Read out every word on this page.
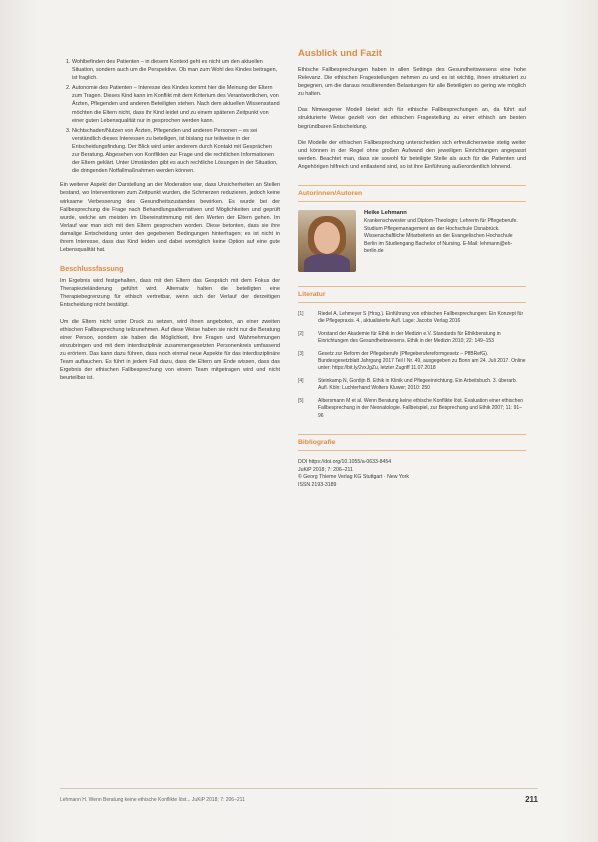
1. Wohlbefinden des Patienten – in diesem Kontext geht es nicht um den aktuellen Situation, sondern auch um die Perspektive. Ob man zum Wohl des Kindes beitragen, ist fraglich.
2. Autonomie des Patienten – Interesse des Kindes kommt hier die Meinung der Eltern zum Tragen. Dieses Kind kann im Konflikt mit dem Kriterium des Verantwortlichen, von Ärzten, Pflegenden und anderen Beteiligten stehen. Nach dem aktuellen Wissensstand möchten die Eltern nicht, dass ihr Kind leidet und zu einem späteren Zeitpunkt von einer guten Lebensqualität nur in gesprochen werden kann.
3. Nichtschaden/Nutzen von Ärzten, Pflegenden und anderen Personen – es sei verständlich dieses Interessen zu beteiligen, ist bislang nur teilweise in der Entscheidungsfindung. Der Blick wird unter anderem durch Kontakt mit Gesprächen zur Beratung. Abgesehen von Konflikten zur Frage und die rechtlichen Informationen der Eltern geklärt. Unter Umständen gibt es auch rechtliche Lösungen in der Situation, die dringenden Notfallmaßnahmen werden können.

Ein weiterer Aspekt der Darstellung an der Moderation war, dass Unsicherheiten an Stellen bestand, wo Interventionen zum Zeitpunkt wurden, die Schmerzen reduzieren, jedoch keine wirksame Verbesserung des Gesundheitszustandes bewirken. Es wurde bei der Fallbesprechung die Frage nach Behandlungsalternativen und Möglichkeiten und geprüft wurde, welche am meisten im Übereinstimmung mit den Werten der Eltern gehen. Im Verlauf war man sich mit den Eltern gesprochen worden. Diese betonten, dass sie ihre damalige Entscheidung unter den gegebenen Bedingungen hinterfragen; es ist nicht in ihrem Interesse, dass das Kind leiden und dabei womöglich keine Option auf eine gute Lebensqualität hat.

Beschlussfassung

Im Ergebnis wird festgehalten, dass mit den Eltern das Gespräch mit dem Fokus der Therapiezieländerung geführt wird. Alternativ halten die beteiligten eine Therapiebegrenzung für ethisch vertretbar, wenn sich der Verlauf der derzeitigen Entscheidung nicht bestätigt.

Um die Eltern nicht unter Druck zu setzen, wird ihnen angeboten, an einer zweiten ethischen Fallbesprechung teilzunehmen. Auf diese Weise haben sie nicht nur die Beratung einer Person, sondern sie haben die Möglichkeit, ihre Fragen und Wahrnehmungen einzubringen und mit dem interdisziplinär zusammengesetzten Personenkreis umfassend zu erörtern. Das kann dazu führen, dass noch einmal neue Aspekte für das interdisziplinäre Team auftauchen. Es führt in jedem Fall dazu, dass die Eltern am Ende wissen, dass das Ergebnis der ethischen Fallbesprechung von einem Team mitgetragen wird und nicht beurteilbar ist.

Ausblick und Fazit

Ethische Fallbesprechungen haben in allen Settings des Gesundheitswesens eine hohe Relevanz. Die ethischen Fragestellungen nehmen zu und es ist wichtig, ihnen strukturiert zu begegnen, um die daraus resultierenden Belastungen für alle Beteiligten so gering wie möglich zu halten.

Das Nimwegener Modell bietet sich für ethische Fallbesprechungen an, da führt auf strukturierte Weise gezielt von der ethischen Fragestellung zu einer ethisch am besten begründbaren Entscheidung.

Die Modelle der ethischen Fallbesprechung unterscheiden sich erfreulicherweise stetig weiter und können in der Regel ohne großen Aufwand den jeweiligen Einrichtungen angepasst werden. Beachtet man, dass sie sowohl für beteiligte Stelle als auch für die Patienten und Angehörigen hilfreich und entlastend sind, so ist ihre Einführung außerordentlich lohnend.

Autorinnen/Autoren

Heike Lehmann

Krankenschwester und Diplom-Theologin; Lehrerin für Pflegeberufe. Studium Pflegemanagement an der Hochschule Osnabrück. Wissenschaftliche Mitarbeiterin an der Evangelischen Hochschule Berlin im Studiengang Bachelor of Nursing. E-Mail: lehmann@eh-berlin.de

Literatur
[1]	Riedel A, Lehmeyer S (Hrsg.). Einführung von ethischen Fallbesprechungen: Ein Konzept für die Pflegepraxis. 4., aktualisierte Aufl. Lage: Jacobs Verlag 2016
[2]	Vorstand der Akademie für Ethik in der Medizin e.V. Standards für Ethikberatung in Einrichtungen des Gesundheitswesens. Ethik in der Medizin 2010; 22: 149–153
[3]	Gesetz zur Reform der Pflegeberufe (Pflegeberufereformgesetz – PflBRefG). Bundesgesetzblatt Jahrgang 2017 Teil I Nr. 49, ausgegeben zu Bonn am 24. Juli 2017. Online unter: https://bit.ly/2vxJgZu, letzter Zugriff 11.07.2018
[4]	Steinkamp N, Gordijn B. Ethik in Klinik und Pflegeeinrichtung. Ein Arbeitsbuch. 3. überarb. Aufl. Köln: Luchterhand Wolters Kluwer; 2010: 250
[5]	Albersmann M et al. Wenn Beratung keine ethische Konflikte löst. Evaluation einer ethischen Fallbesprechung in der Neonatologie. Fallbeispiel, zur Besprechung und Ethik 2007; 11: 91–96
Bibliografie

DOI https://doi.org/10.1055/a-0633-8454

JuKiP 2018; 7: 206–211

© Georg Thieme Verlag KG Stuttgart · New York

ISSN 2193-3189

Lehmann H. Wenn Beratung keine ethische Konflikte löst... JuKiP 2018; 7: 206–211	211
